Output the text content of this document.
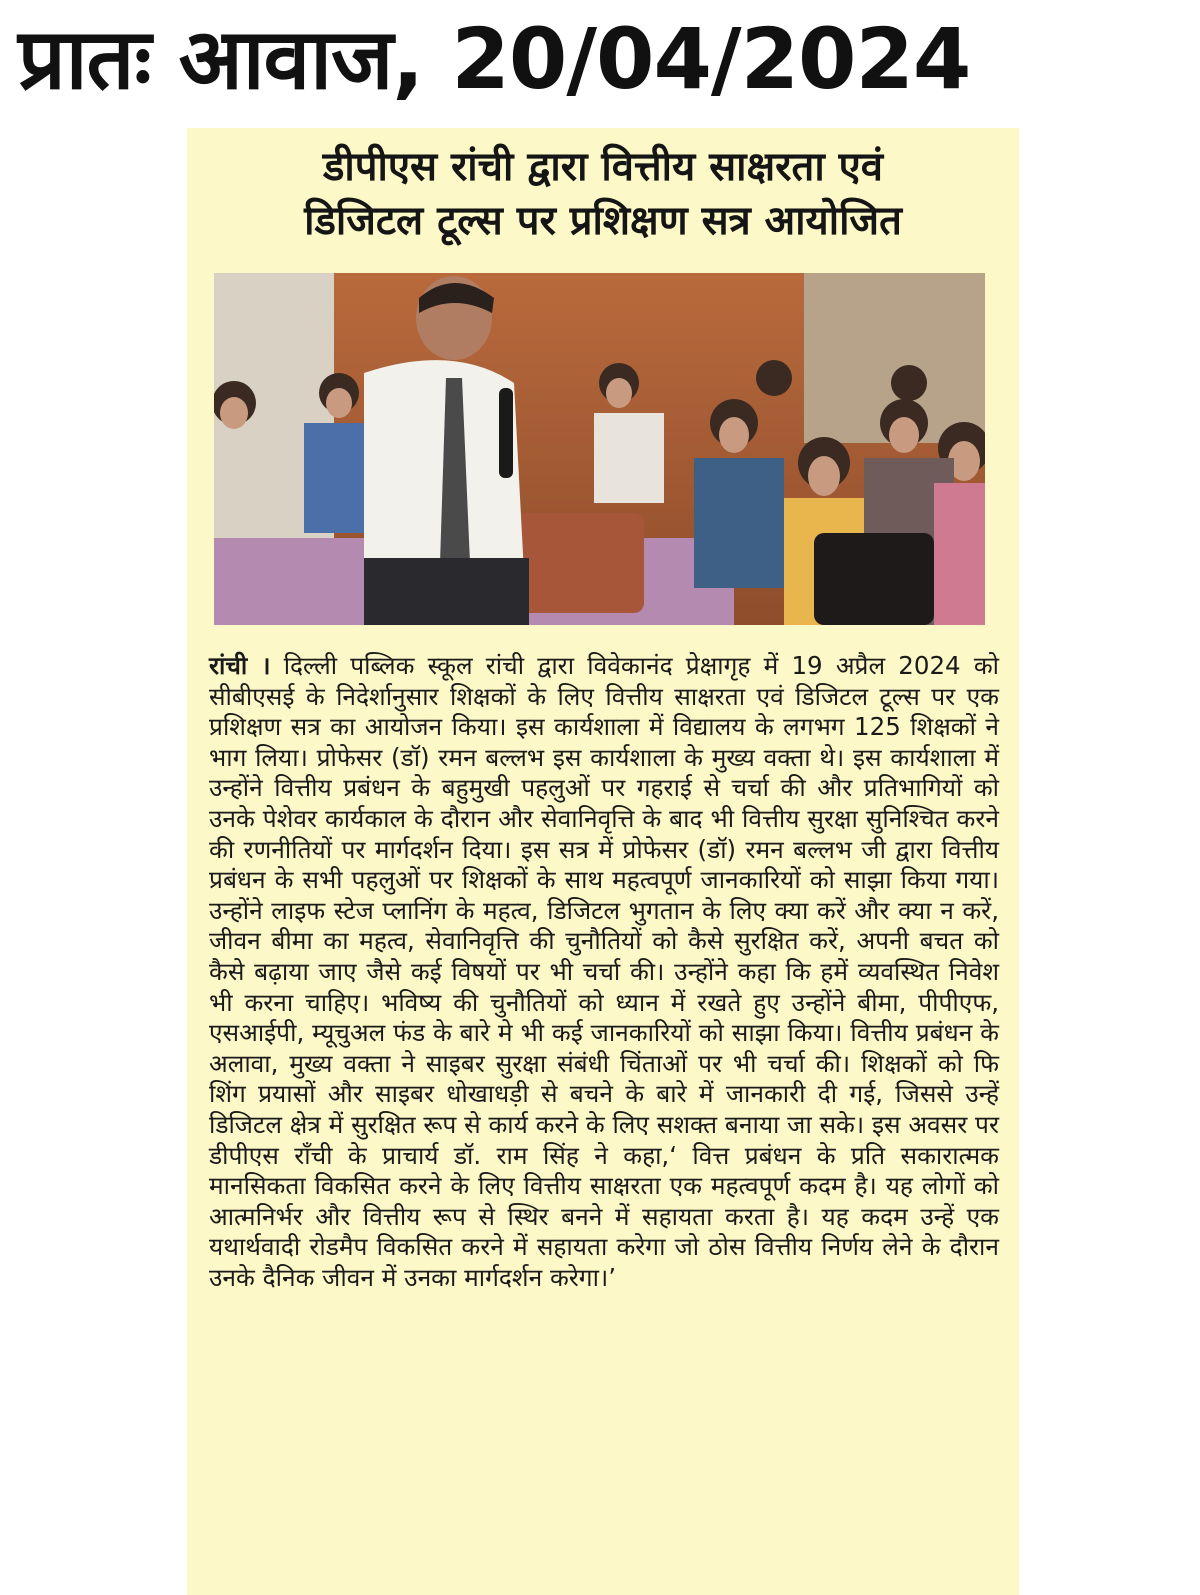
प्रातः आवाज, 20/04/2024
डीपीएस रांची द्वारा वित्तीय साक्षरता एवं
डिजिटल टूल्स पर प्रशिक्षण सत्र आयोजित
रांची । दिल्ली पब्लिक स्कूल रांची द्वारा विवेकानंद प्रेक्षागृह में 19 अप्रैल 2024 को सीबीएसई के निदेर्शानुसार शिक्षकों के लिए वित्तीय साक्षरता एवं डिजिटल टूल्स पर एक प्रशिक्षण सत्र का आयोजन किया। इस कार्यशाला में विद्यालय के लगभग 125 शिक्षकों ने भाग लिया। प्रोफेसर (डॉ) रमन बल्लभ इस कार्यशाला के मुख्य वक्ता थे। इस कार्यशाला में उन्होंने वित्तीय प्रबंधन के बहुमुखी पहलुओं पर गहराई से चर्चा की और प्रतिभागियों को उनके पेशेवर कार्यकाल के दौरान और सेवानिवृत्ति के बाद भी वित्तीय सुरक्षा सुनिश्चित करने की रणनीतियों पर मार्गदर्शन दिया। इस सत्र में प्रोफेसर (डॉ) रमन बल्लभ जी द्वारा वित्तीय प्रबंधन के सभी पहलुओं पर शिक्षकों के साथ महत्वपूर्ण जानकारियों को साझा किया गया। उन्होंने लाइफ स्टेज प्लानिंग के महत्व, डिजिटल भुगतान के लिए क्या करें और क्या न करें, जीवन बीमा का महत्व, सेवानिवृत्ति की चुनौतियों को कैसे सुरक्षित करें, अपनी बचत को कैसे बढ़ाया जाए जैसे कई विषयों पर भी चर्चा की। उन्होंने कहा कि हमें व्यवस्थित निवेश भी करना चाहिए। भविष्य की चुनौतियों को ध्यान में रखते हुए उन्होंने बीमा, पीपीएफ, एसआईपी, म्यूचुअल फंड के बारे मे भी कई जानकारियों को साझा किया। वित्तीय प्रबंधन के अलावा, मुख्य वक्ता ने साइबर सुरक्षा संबंधी चिंताओं पर भी चर्चा की। शिक्षकों को फि शिंग प्रयासों और साइबर धोखाधड़ी से बचने के बारे में जानकारी दी गई, जिससे उन्हें डिजिटल क्षेत्र में सुरक्षित रूप से कार्य करने के लिए सशक्त बनाया जा सके। इस अवसर पर डीपीएस राँची के प्राचार्य डॉ. राम सिंह ने कहा,‘ वित्त प्रबंधन के प्रति सकारात्मक मानसिकता विकसित करने के लिए वित्तीय साक्षरता एक महत्वपूर्ण कदम है। यह लोगों को आत्मनिर्भर और वित्तीय रूप से स्थिर बनने में सहायता करता है। यह कदम उन्हें एक यथार्थवादी रोडमैप विकसित करने में सहायता करेगा जो ठोस वित्तीय निर्णय लेने के दौरान उनके दैनिक जीवन में उनका मार्गदर्शन करेगा।’
